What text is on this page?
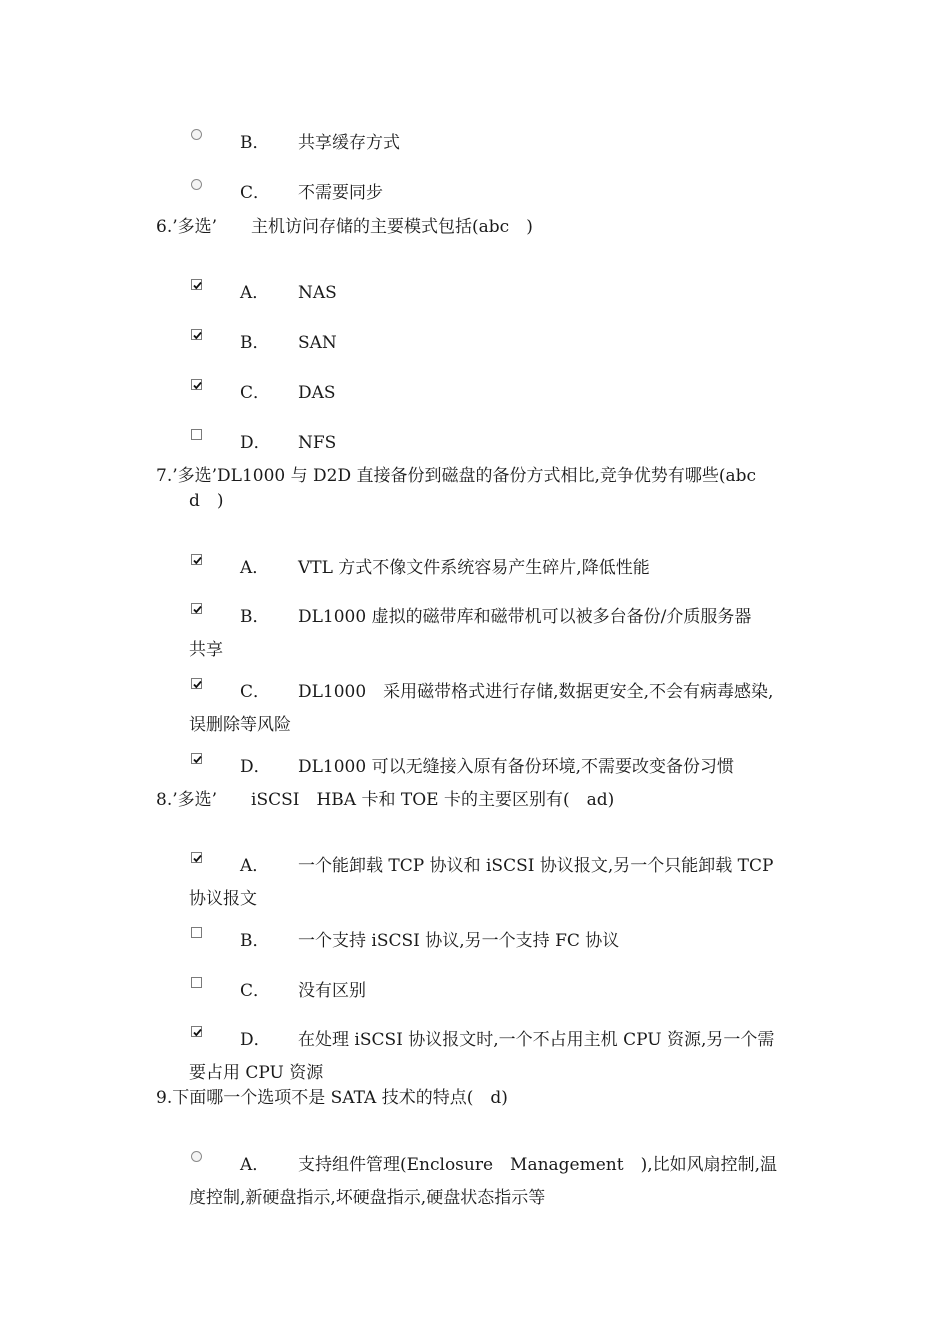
B． 共享缓存方式
C． 不需要同步
6.’多选’　　主机访问存储的主要模式包括(abc　)
A． NAS
B． SAN
C． DAS
D． NFS
7.’多选’DL1000 与 D2D 直接备份到磁盘的备份方式相比,竞争优势有哪些(abc
d　)
A． VTL 方式不像文件系统容易产生碎片,降低性能
B． DL1000 虚拟的磁带库和磁带机可以被多台备份/介质服务器
共享
C． DL1000　采用磁带格式进行存储,数据更安全,不会有病毒感染,
误删除等风险
D． DL1000 可以无缝接入原有备份环境,不需要改变备份习惯
8.’多选’　　iSCSI　HBA 卡和 TOE 卡的主要区别有(　ad)
A． 一个能卸载 TCP 协议和 iSCSI 协议报文,另一个只能卸载 TCP
协议报文
B． 一个支持 iSCSI 协议,另一个支持 FC 协议
C． 没有区别
D． 在处理 iSCSI 协议报文时,一个不占用主机 CPU 资源,另一个需
要占用 CPU 资源
9.下面哪一个选项不是 SATA 技术的特点(　d)
A． 支持组件管理(Enclosure　Management　),比如风扇控制,温
度控制,新硬盘指示,坏硬盘指示,硬盘状态指示等
